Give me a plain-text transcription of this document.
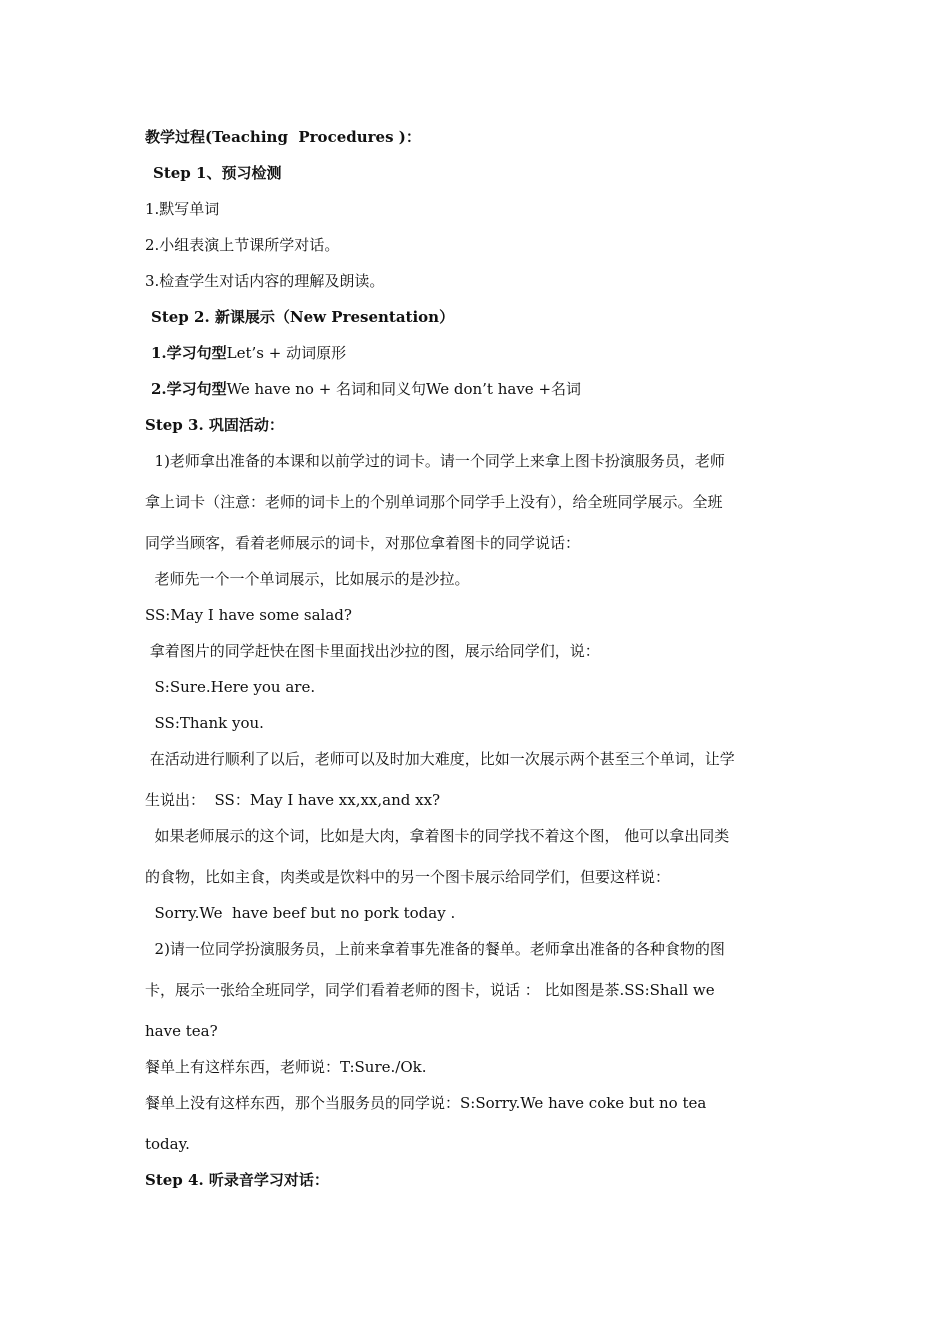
教学过程(Teaching  Procedures )：
Step 1、预习检测
1.默写单词
2.小组表演上节课所学对话。
3.检查学生对话内容的理解及朗读。
Step 2. 新课展示（New Presentation）
1.学习句型Let’s + 动词原形
2.学习句型We have no + 名词和同义句We don’t have +名词
Step 3. 巩固活动：
1)老师拿出准备的本课和以前学过的词卡。请一个同学上来拿上图卡扮演服务员，老师
拿上词卡（注意：老师的词卡上的个别单词那个同学手上没有），给全班同学展示。全班
同学当顾客，看着老师展示的词卡，对那位拿着图卡的同学说话：
老师先一个一个单词展示，比如展示的是沙拉。
SS:May I have some salad?
拿着图片的同学赶快在图卡里面找出沙拉的图，展示给同学们，说：
S:Sure.Here you are.
SS:Thank you.
在活动进行顺利了以后，老师可以及时加大难度，比如一次展示两个甚至三个单词，让学
生说出：  SS：May I have xx,xx,and xx?
如果老师展示的这个词，比如是大肉，拿着图卡的同学找不着这个图， 他可以拿出同类
的食物，比如主食，肉类或是饮料中的另一个图卡展示给同学们，但要这样说：
Sorry.We  have beef but no pork today .
2)请一位同学扮演服务员，上前来拿着事先准备的餐单。老师拿出准备的各种食物的图
卡，展示一张给全班同学，同学们看着老师的图卡，说话 ： 比如图是茶.SS:Shall we
have tea?
餐单上有这样东西，老师说：T:Sure./Ok.
餐单上没有这样东西，那个当服务员的同学说：S:Sorry.We have coke but no tea
today.
Step 4. 听录音学习对话：
